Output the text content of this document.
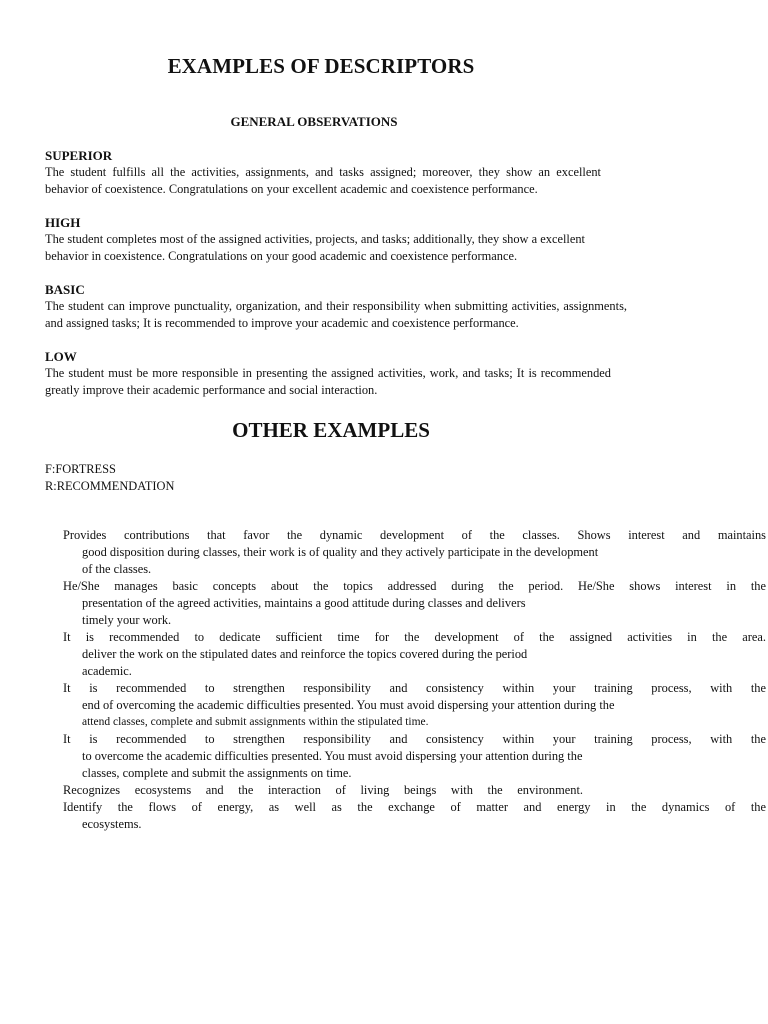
EXAMPLES OF DESCRIPTORS
GENERAL OBSERVATIONS
SUPERIOR
The student fulfills all the activities, assignments, and tasks assigned; moreover, they show an excellent behavior of coexistence. Congratulations on your excellent academic and coexistence performance.
HIGH
The student completes most of the assigned activities, projects, and tasks; additionally, they show a excellent behavior in coexistence. Congratulations on your good academic and coexistence performance.
BASIC
The student can improve punctuality, organization, and their responsibility when submitting activities, assignments, and assigned tasks; It is recommended to improve your academic and coexistence performance.
LOW
The student must be more responsible in presenting the assigned activities, work, and tasks; It is recommended greatly improve their academic performance and social interaction.
OTHER EXAMPLES
F:FORTRESS
R:RECOMMENDATION
Provides contributions that favor the dynamic development of the classes. Shows interest and maintains
good disposition during classes, their work is of quality and they actively participate in the development
of the classes.
He/She manages basic concepts about the topics addressed during the period. He/She shows interest in the
presentation of the agreed activities, maintains a good attitude during classes and delivers
timely your work.
It is recommended to dedicate sufficient time for the development of the assigned activities in the area.
deliver the work on the stipulated dates and reinforce the topics covered during the period
academic.
It is recommended to strengthen responsibility and consistency within your training process, with the
end of overcoming the academic difficulties presented. You must avoid dispersing your attention during the
attend classes, complete and submit assignments within the stipulated time.
It is recommended to strengthen responsibility and consistency within your training process, with the
to overcome the academic difficulties presented. You must avoid dispersing your attention during the
classes, complete and submit the assignments on time.
Recognizes ecosystems and the interaction of living beings with the environment.
Identify the flows of energy, as well as the exchange of matter and energy in the dynamics of the
ecosystems.
